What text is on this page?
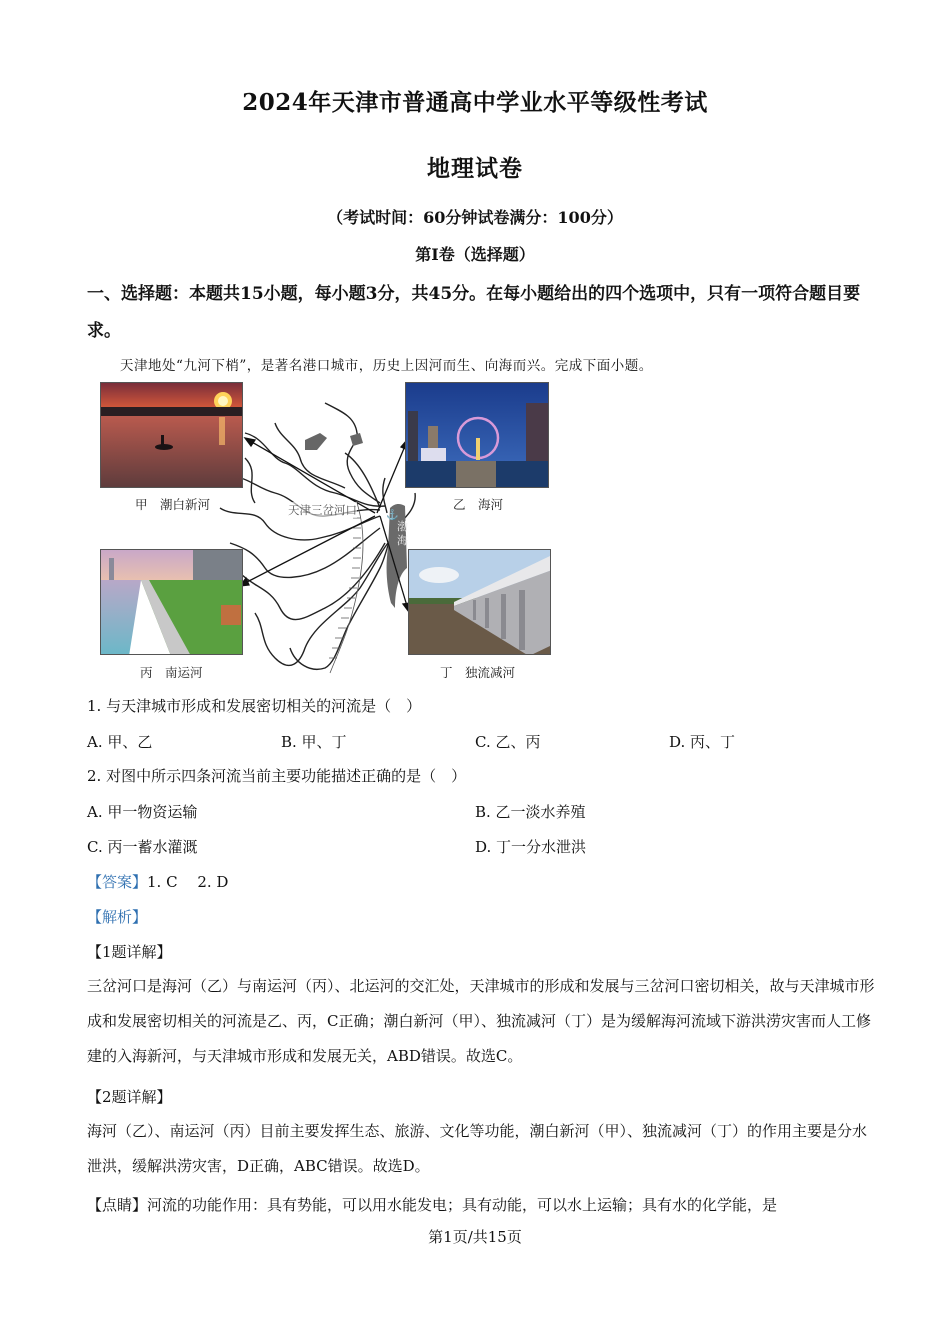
2024年天津市普通高中学业水平等级性考试
地理试卷
（考试时间：60分钟试卷满分：100分）
第Ⅰ卷（选择题）
一、选择题：本题共15小题，每小题3分，共45分。在每小题给出的四个选项中，只有一项符合题目要求。
天津地处“九河下梢”，是著名港口城市，历史上因河而生、向海而兴。完成下面小题。
渤
海
⚓
天津三岔河口
甲　潮白新河	乙　海河
丙　南运河	丁　独流减河
1. 与天津城市形成和发展密切相关的河流是（　）
A. 甲、乙	B. 甲、丁	C. 乙、丙	D. 丙、丁
2. 对图中所示四条河流当前主要功能描述正确的是（　）
A. 甲一物资运输	B. 乙一淡水养殖
C. 丙一蓄水灌溉	D. 丁一分水泄洪
【答案】1. C　 2. D
【解析】
【1题详解】
三岔河口是海河（乙）与南运河（丙）、北运河的交汇处，天津城市的形成和发展与三岔河口密切相关，故与天津城市形成和发展密切相关的河流是乙、丙，C正确；潮白新河（甲）、独流减河（丁）是为缓解海河流域下游洪涝灾害而人工修建的入海新河，与天津城市形成和发展无关，ABD错误。故选C。
【2题详解】
海河（乙）、南运河（丙）目前主要发挥生态、旅游、文化等功能，潮白新河（甲）、独流减河（丁）的作用主要是分水泄洪，缓解洪涝灾害，D正确，ABC错误。故选D。
【点睛】河流的功能作用：具有势能，可以用水能发电；具有动能，可以水上运输；具有水的化学能，是
第1页/共15页
